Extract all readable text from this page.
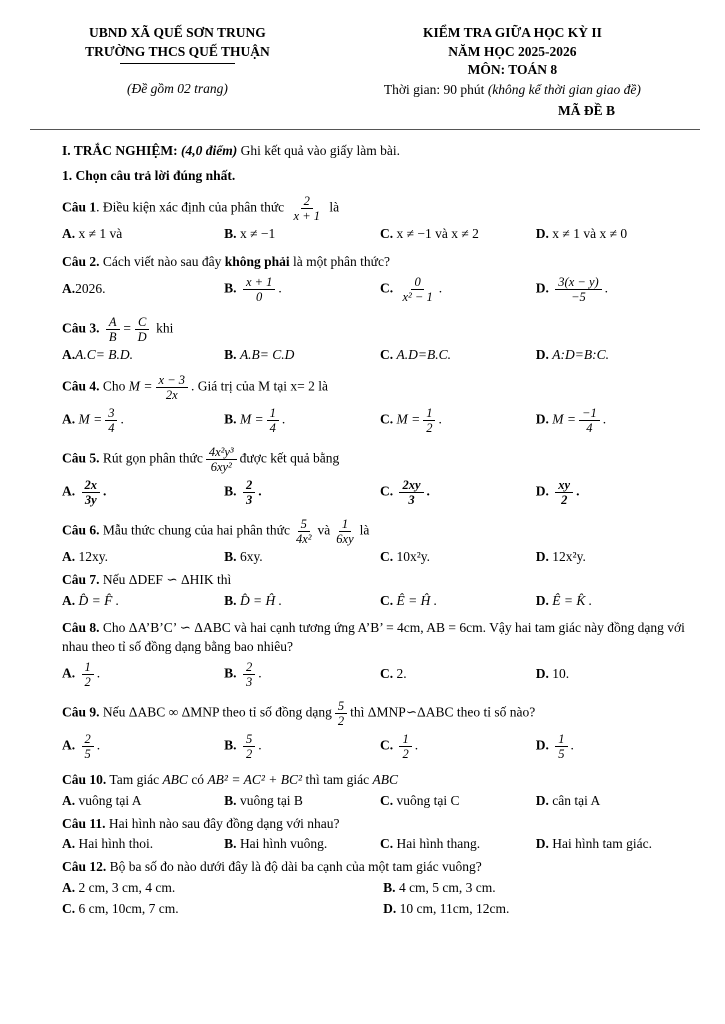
UBND XÃ QUẾ SƠN TRUNG
TRƯỜNG THCS QUẾ THUẬN
(Đề gồm 02 trang)
KIỂM TRA GIỮA HỌC KỲ II
NĂM HỌC 2025-2026
MÔN: TOÁN 8
Thời gian: 90 phút (không kể thời gian giao đề)
MÃ ĐỀ B

I. TRẮC NGHIỆM: (4,0 điểm) Ghi kết quả vào giấy làm bài.

1. Chọn câu trả lời đúng nhất.

Câu 1. Điều kiện xác định của phân thức $\frac{2}{x + 1}$ là

A. x ≠ 1 và	B. x ≠ −1	C. x ≠ −1 và x ≠ 2	D. x ≠ 1 và x ≠ 0

Câu 2. Cách viết nào sau đây không phải là một phân thức?

A.2026.	B. $\frac{x + 1}{0}$ .	C. $\frac{0}{\text{x² − 1}}$ .	D. $\frac{3(x - y)}{-5}$ .

Câu 3. $\frac{A}{B} = \frac{C}{D}$ khi

A.A.C= B.D.	B. A.B= C.D	C. A.D=B.C.	D. A:D=B:C.

Câu 4. Cho $M = \frac{x - 3}{2x}$ . Giá trị của M tại x= 2 là

A. $M = \frac{3}{4}$ .	B. $M = \frac{1}{4}$ .	C. $M = \frac{1}{2}$ .	D. $M = \frac{-1}{4}$ .

Câu 5. Rút gọn phân thức $\frac{\text{4x²y³}}{\text{6xy²}}$ được kết quả bằng

A. $\frac{2x}{3y}$ .	B. $\frac{2}{3}$ .	C. $\frac{2xy}{3}$ .	D. $\frac{xy}{2}$ .

Câu 6. Mẫu thức chung của hai phân thức $\frac{5}{\text{4x²}}$ và $\frac{1}{6xy}$ là

A. 12xy.	B. 6xy.	C. 10x²y.	D. 12x²y.

Câu 7. Nếu ΔDEF ∽ ΔHIK thì

A. D̂ = F̂ .	B. D̂ = Ĥ .	C. Ê = Ĥ .	D. Ê = K̂ .

Câu 8. Cho ΔA’B’C’ ∽ ΔABC và hai cạnh tương ứng A’B’ = 4cm, AB = 6cm. Vậy hai tam giác này đồng dạng với nhau theo tỉ số đồng dạng bằng bao nhiêu?

A. $\frac{1}{2}$ .	B. $\frac{2}{3}$ .	C. 2.	D. 10.

Câu 9. Nếu ΔABC ∞ ΔMNP theo tỉ số đồng dạng $\frac{5}{2}$ thì ΔMNP∽ΔABC theo tỉ số nào?

A. $\frac{2}{5}$ .	B. $\frac{5}{2}$ .	C. $\frac{1}{2}$ .	D. $\frac{1}{5}$ .

Câu 10. Tam giác ABC có AB² = AC² + BC² thì tam giác ABC

A. vuông tại A	B. vuông tại B	C. vuông tại C	D. cân tại A

Câu 11. Hai hình nào sau đây đồng dạng với nhau?

A. Hai hình thoi.	B. Hai hình vuông.	C. Hai hình thang.	D. Hai hình tam giác.

Câu 12. Bộ ba số đo nào dưới đây là độ dài ba cạnh của một tam giác vuông?

A. 2 cm, 3 cm, 4 cm.	B. 4 cm, 5 cm, 3 cm.
C. 6 cm, 10cm, 7 cm.	D. 10 cm, 11cm, 12cm.
